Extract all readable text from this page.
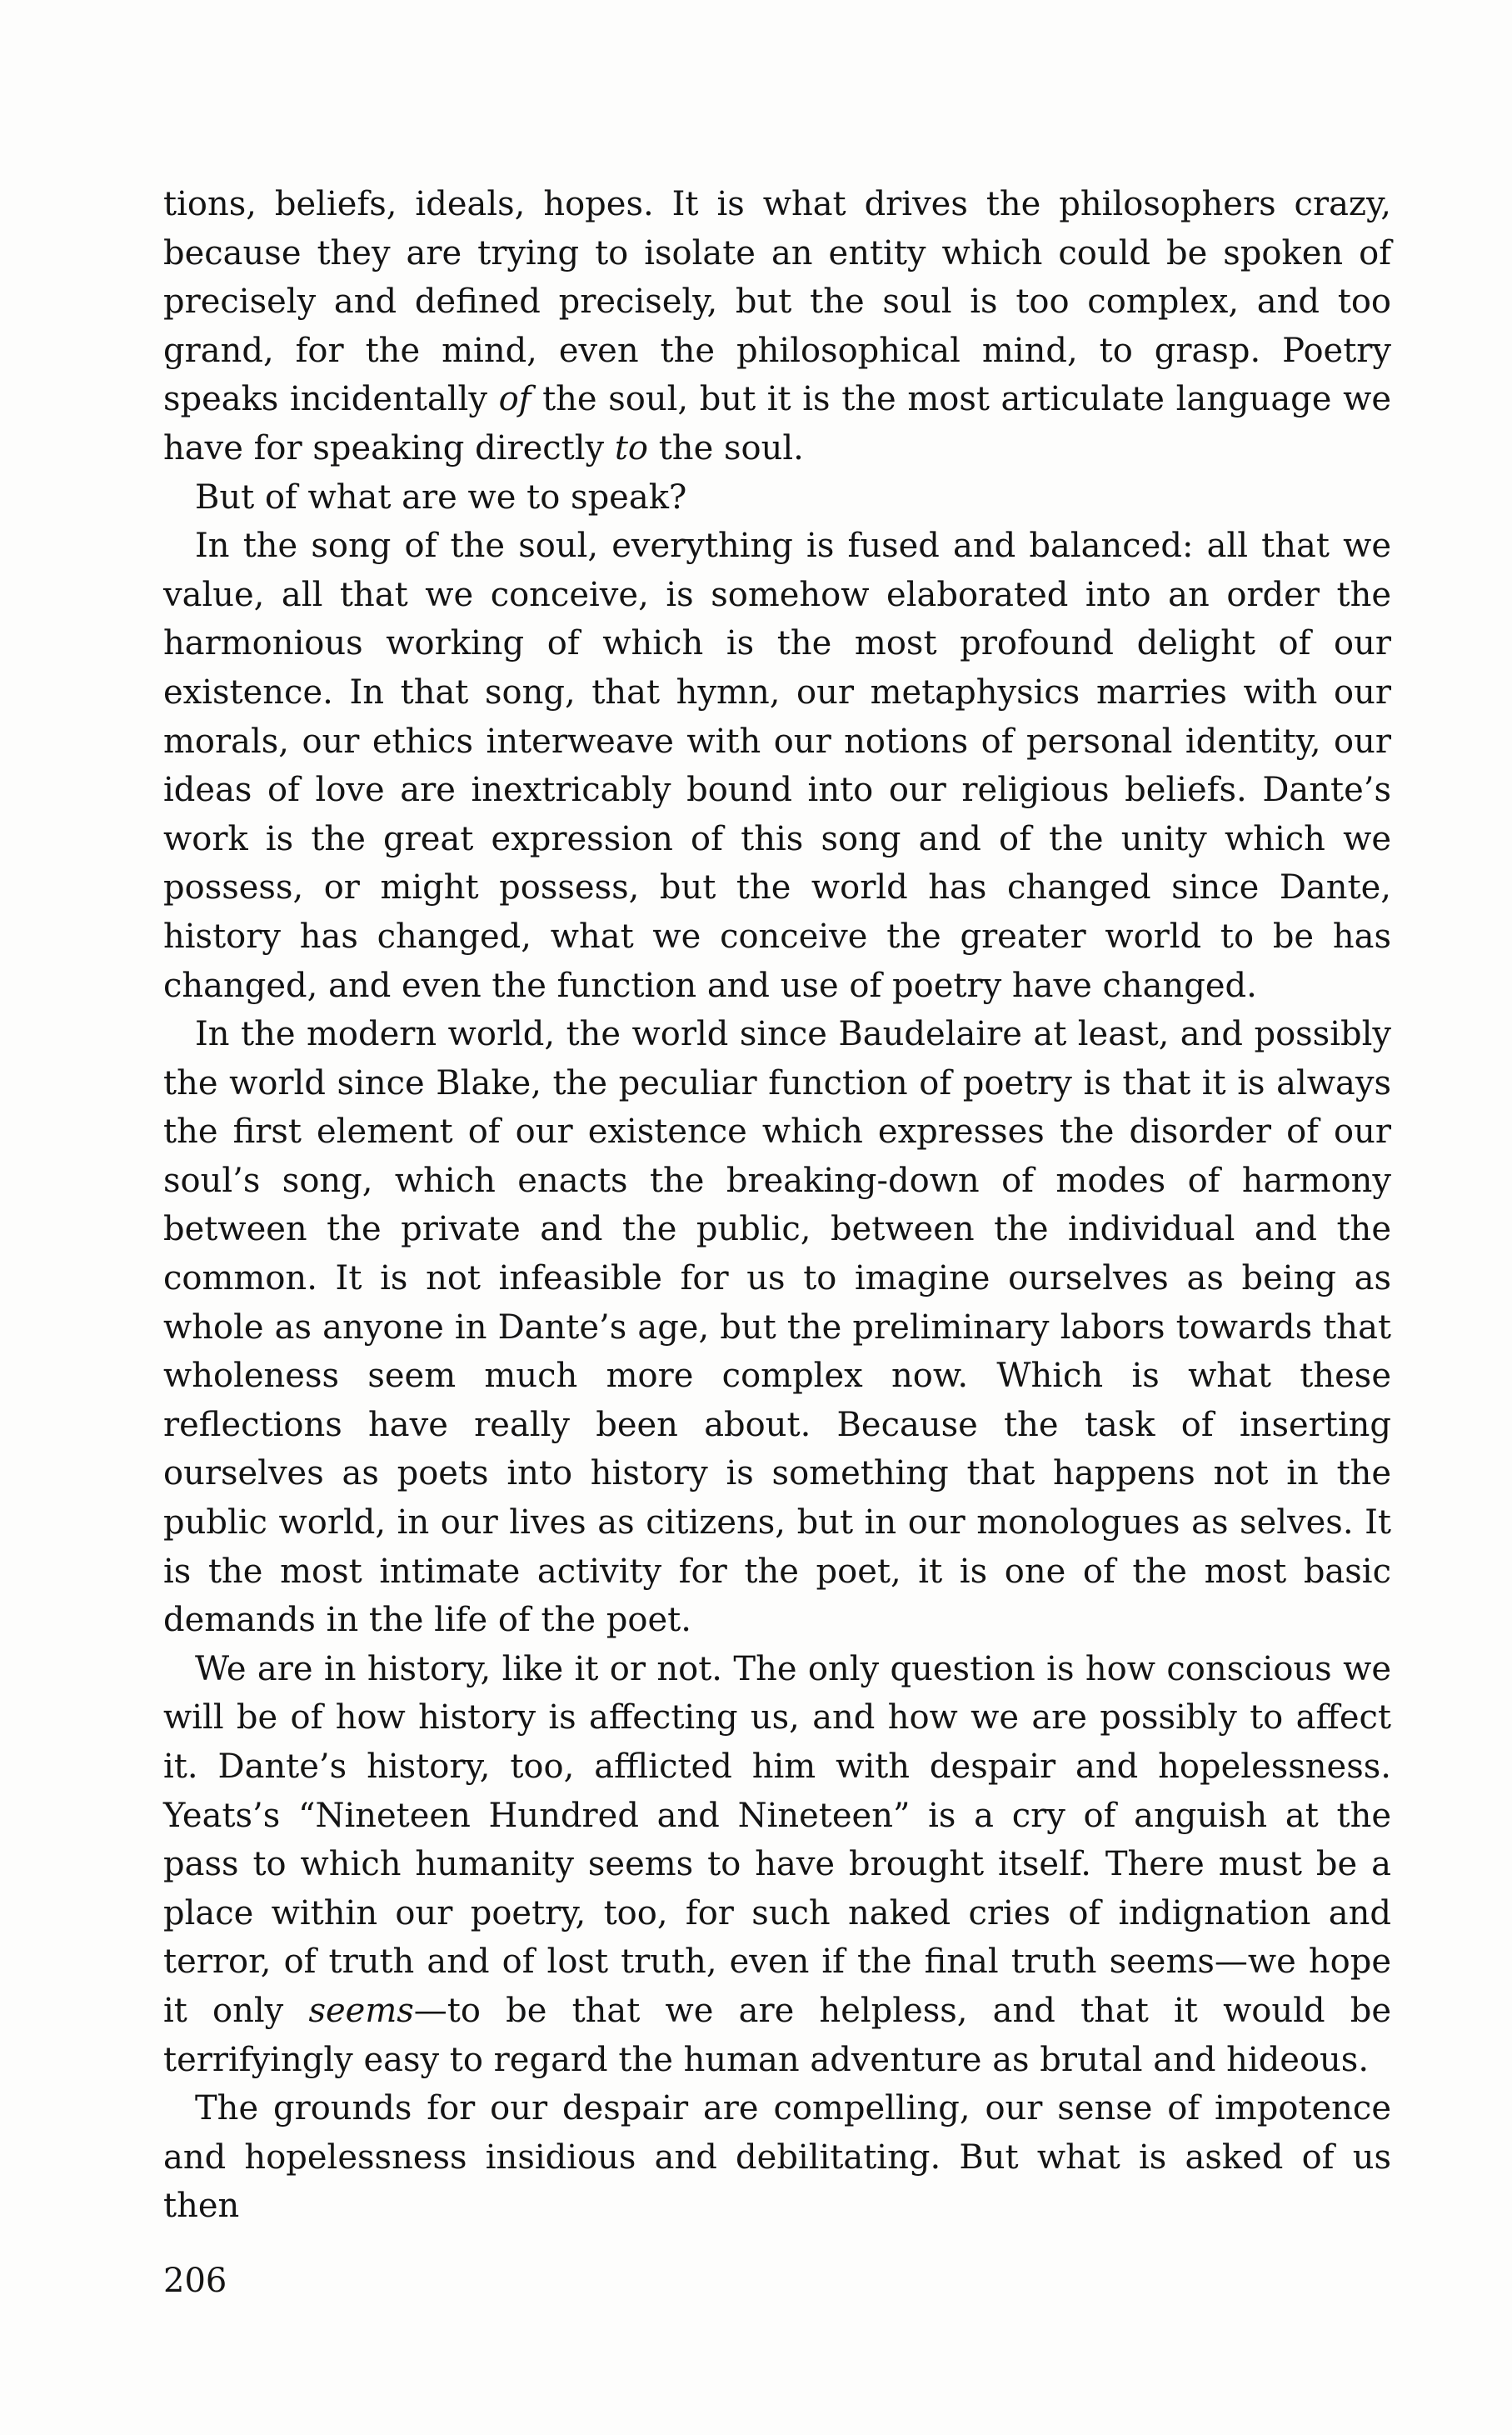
tions, beliefs, ideals, hopes. It is what drives the philosophers crazy, because they are trying to isolate an entity which could be spoken of precisely and defined precisely, but the soul is too complex, and too grand, for the mind, even the philosophical mind, to grasp. Poetry speaks incidentally of the soul, but it is the most articulate language we have for speaking directly to the soul.

But of what are we to speak?

In the song of the soul, everything is fused and balanced: all that we value, all that we conceive, is somehow elaborated into an order the harmonious working of which is the most profound delight of our existence. In that song, that hymn, our metaphysics marries with our morals, our ethics interweave with our notions of personal identity, our ideas of love are inextricably bound into our religious beliefs. Dante’s work is the great expression of this song and of the unity which we possess, or might possess, but the world has changed since Dante, history has changed, what we conceive the greater world to be has changed, and even the function and use of poetry have changed.

In the modern world, the world since Baudelaire at least, and possibly the world since Blake, the peculiar function of poetry is that it is always the first element of our existence which expresses the disorder of our soul’s song, which enacts the breaking-down of modes of harmony between the private and the public, between the individual and the common. It is not infeasible for us to imagine ourselves as being as whole as anyone in Dante’s age, but the preliminary labors towards that wholeness seem much more complex now. Which is what these reflections have really been about. Because the task of inserting ourselves as poets into history is something that happens not in the public world, in our lives as citizens, but in our monologues as selves. It is the most intimate activity for the poet, it is one of the most basic demands in the life of the poet.

We are in history, like it or not. The only question is how conscious we will be of how history is affecting us, and how we are possibly to affect it. Dante’s history, too, afflicted him with despair and hopelessness. Yeats’s “Nineteen Hundred and Nineteen” is a cry of anguish at the pass to which humanity seems to have brought itself. There must be a place within our poetry, too, for such naked cries of indignation and terror, of truth and of lost truth, even if the final truth seems—we hope it only seems—to be that we are helpless, and that it would be terrifyingly easy to regard the human adventure as brutal and hideous.

The grounds for our despair are compelling, our sense of impotence and hopelessness insidious and debilitating. But what is asked of us then

206
